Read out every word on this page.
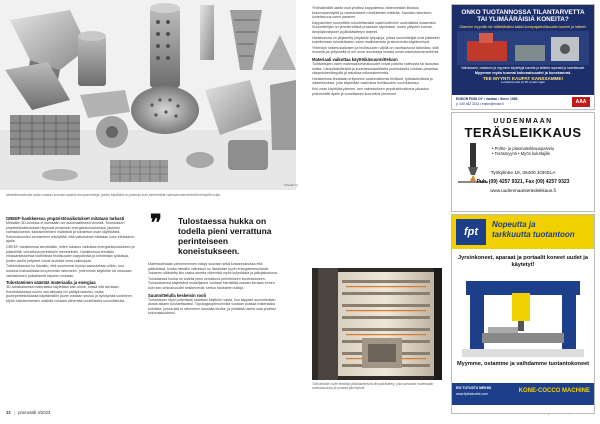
©Metalli Oy
Metallitulostetuilla osilla voidaan korvata vaativia komponentteja, joiden käyttöikä on pidempi kuin perinteisillä valmistusmenetelmillä tehdyillä osilla.
GREEF-hankkeessa ympäristövaikutukset mitataan tarkasti

Metallien 3D-tulostus ei itsessään ole automaattisesti vihreää. Tulostuksen ympäristövaikutukset riippuvat prosessin energiankulutuksesta, jauheen valmistuksesta, tukirakenteiden määrästä ja tulostetun osan käyttöiästä. Kokonaisuuden arvioiminen edellyttää, että vaikutukset mitataan koko elinkaaren ajalta.

GREEF-hankkeessa selvitetään, miten tulostus vaikuttaa energiankulutukseen ja päästöihin verrattuna perinteisiin menetelmiin. Hankkeessa tehdään elinkaarilaskelmia todellisista teollisuuden kappaleista ja kehitetään työkaluja, joiden avulla yritykset voivat arvioida omia valintojaan.

Tutkimuksessa on havaittu, että suurimmat hyödyt saavutetaan silloin, kun tulostus mahdollistaa kevyemmän rakenteen, pidemmän käyttöiän tai varaosan valmistuksen paikallisesti tarpeen mukaan.

Tulostaminen säästää materiaalia ja energiaa

3D-tulostuksessa materiaalia käytetään vain sinne, missä sitä tarvitaan. Koneistuksessa suurin osa aihiosta voi päätyä lastuksi, mutta jauhepetitekniikassa käyttämätön jauhe voidaan seuloa ja hyödyntää uudelleen. Myös tukirakenteiden määrää voidaan vähentää huolellisella suunnittelulla.

❞ Tulostaessa hukka on todella pieni verrattuna perinteiseen koneistukseen.

Materiaalihukan pieneneminen näkyy suoraan sekä kustannuksissa että päästöissä, koska metallin valmistus on itsessään hyvin energiaintensiivistä. Jokainen säästetty kilo raaka-ainetta vähentää myös kuljetuksia ja jatkojalostusta.

Tulostaessa hukka on todella pieni verrattuna perinteiseen koneistukseen. Tulostuksessa käytettävä metallijauhe voidaan kierrättää useaan kertaan ennen kuin sen ominaisuudet heikkenevät, kertoo hankkeen tutkija.

Suunnittelulla keskeisin rooli

Tulostuksen täysi potentiaali saadaan käyttöön vasta, kun kappale suunnitellaan alusta alkaen tulostettavaksi. Topologiaoptimoinnilla voidaan poistaa materiaalia kohdista, joissa sitä ei rakenteen kannalta tarvita, ja yhdistää useita osia yhdeksi kokonaisuudeksi.

12 | prometalli 4/2023

Yhdistämällä useita osia yhdeksi kappaleeksi vähennetään liitoksia, kokoonpanotyötä ja varastoitavien nimikkeiden määrää. Samalla rakenteen luotettavuus usein paranee.

Kappaleiden suunnittelu tulostettavaksi vaatii kuitenkin uudenlaista osaamista. Suunnittelijan on ymmärrettävä prosessin rajoitukset, kuten ylitysten kulmat, lämpöjännitykset ja jälkikäsittelyn tarpeet.

Hankkeessa on järjestetty yrityksille työpajoja, joissa suunnittelijat ovat päässeet kokeilemaan tulostettavien osien mallintamista ja simulointia käytännössä.

Yhteistyö tutkimuslaitosten ja teollisuuden välillä on osoittautunut tärkeäksi, sillä monella pk-yrityksellä ei ole omia resursseja testata uusia valmistusmenetelmiä.

Materiaali vaikuttaa käyttöikäsuunnitteluun

Tulostettujen osien materiaaliominaisuudet voivat poiketa valetuista tai taotuista osista. Lämpökäsittelyllä ja kuumaisostaattisella puristuksella voidaan parantaa väsymiskestävyyttä ja tasoittaa mikrorakennetta.

Hankkeessa testataan erityisesti ruostumattomia teräksiä, työkaluteräksiä ja nikkeliseoksia, joita käytetään vaativissa teollisuuden sovelluksissa.

Kun osan käyttöikä pitenee, sen valmistuksen ympäristövaikutus jakautuu pidemmälle ajalle ja vuosittainen kuormitus pienenee.

Tulostetuille osille tehdään jälkikäsittelynä lämpökäsittely, joka parantaa materiaalin ominaisuuksia ja poistaa jännityksiä.
ONKO TUOTANNOSSA TILANTARVETTA
TAI YLIMÄÄRÄISIÄ KONEITA?
Otamme myyntiin tai välitettäväksi kaikki konepajateollisuuden koneet ja laitteet.
Vaihdamme, ostamme ja myymme käytettyjä koneita ja laitteita nopeasti ja luotettavasti.
Myymme myös tuomat kokonaisuudet ja konekannat.
TEE MYYNTI KAUPAT KANSSAMME!
Luotettavuutta yli 30 vuoden ajan
ENDOR FINN OY • Vantaa • Since 1989
p. 040 482 3133 • endor@endor.fi	AAA
UUDENMAAN
TERÄSLEIKKAUS
• Poltto- ja plasmaleikkauspalvelu
• Teräsmyynti • Myös kuluttajille
Työkylintie 18, 05400 JOKELA
Puh. (09) 4257 9321, Fax (09) 4257 9323
www.uudenmaanteräsleikkaus.fi
fpt
Nopeutta ja
tarkkuutta tuotantoon
Jyrsinkoneet, aparaat ja portaalit koneet uudet ja käytetyt!
Myymme, ostamme ja vaihdamme tuotantokoneet
ESI TUTUSTU MEIHIN
www.fptindustrie.com	KONE-COCCO MACHINE
